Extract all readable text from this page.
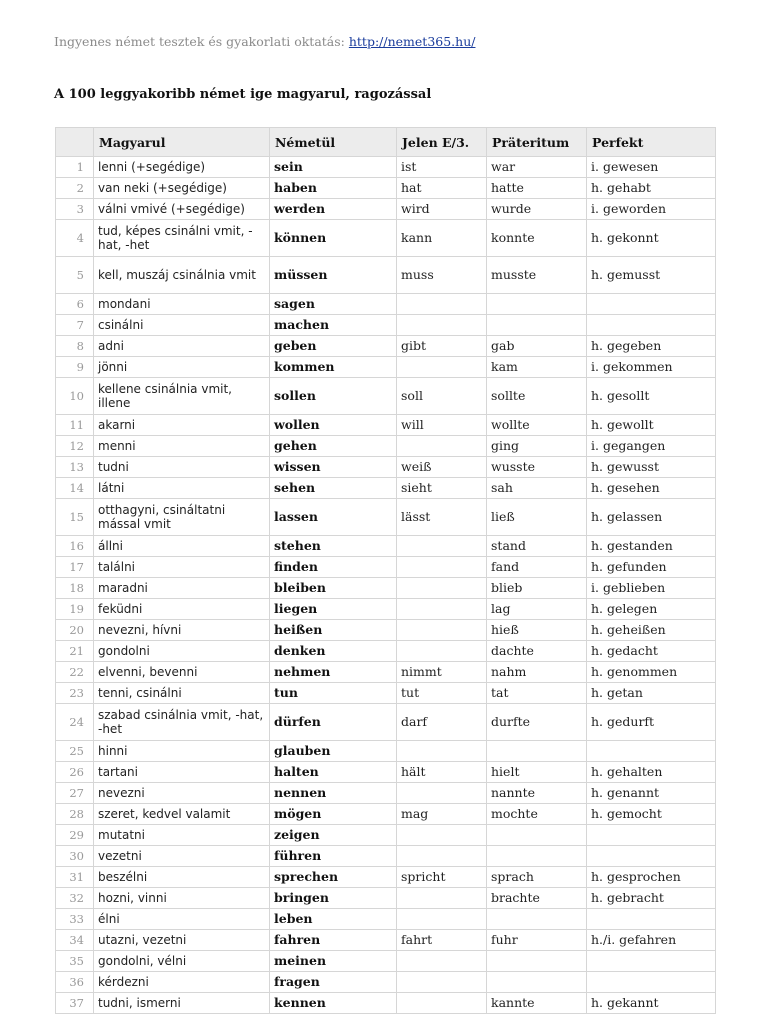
Ingyenes német tesztek és gyakorlati oktatás: http://nemet365.hu/
A 100 leggyakoribb német ige magyarul, ragozással
	Magyarul	Németül	Jelen E/3.	Präteritum	Perfekt
1	lenni (+segédige)	sein	ist	war	i. gewesen
2	van neki (+segédige)	haben	hat	hatte	h. gehabt
3	válni vmivé (+segédige)	werden	wird	wurde	i. geworden
4	tud, képes csinálni vmit, -hat, -het	können	kann	konnte	h. gekonnt
5	kell, muszáj csinálnia vmit	müssen	muss	musste	h. gemusst
6	mondani	sagen			
7	csinálni	machen			
8	adni	geben	gibt	gab	h. gegeben
9	jönni	kommen		kam	i. gekommen
10	kellene csinálnia vmit, illene	sollen	soll	sollte	h. gesollt
11	akarni	wollen	will	wollte	h. gewollt
12	menni	gehen		ging	i. gegangen
13	tudni	wissen	weiß	wusste	h. gewusst
14	látni	sehen	sieht	sah	h. gesehen
15	otthagyni, csináltatni mással vmit	lassen	lässt	ließ	h. gelassen
16	állni	stehen		stand	h. gestanden
17	találni	finden		fand	h. gefunden
18	maradni	bleiben		blieb	i. geblieben
19	feküdni	liegen		lag	h. gelegen
20	nevezni, hívni	heißen		hieß	h. geheißen
21	gondolni	denken		dachte	h. gedacht
22	elvenni, bevenni	nehmen	nimmt	nahm	h. genommen
23	tenni, csinálni	tun	tut	tat	h. getan
24	szabad csinálnia vmit, -hat, -het	dürfen	darf	durfte	h. gedurft
25	hinni	glauben			
26	tartani	halten	hält	hielt	h. gehalten
27	nevezni	nennen		nannte	h. genannt
28	szeret, kedvel valamit	mögen	mag	mochte	h. gemocht
29	mutatni	zeigen			
30	vezetni	führen			
31	beszélni	sprechen	spricht	sprach	h. gesprochen
32	hozni, vinni	bringen		brachte	h. gebracht
33	élni	leben			
34	utazni, vezetni	fahren	fahrt	fuhr	h./i. gefahren
35	gondolni, vélni	meinen			
36	kérdezni	fragen			
37	tudni, ismerni	kennen		kannte	h. gekannt
